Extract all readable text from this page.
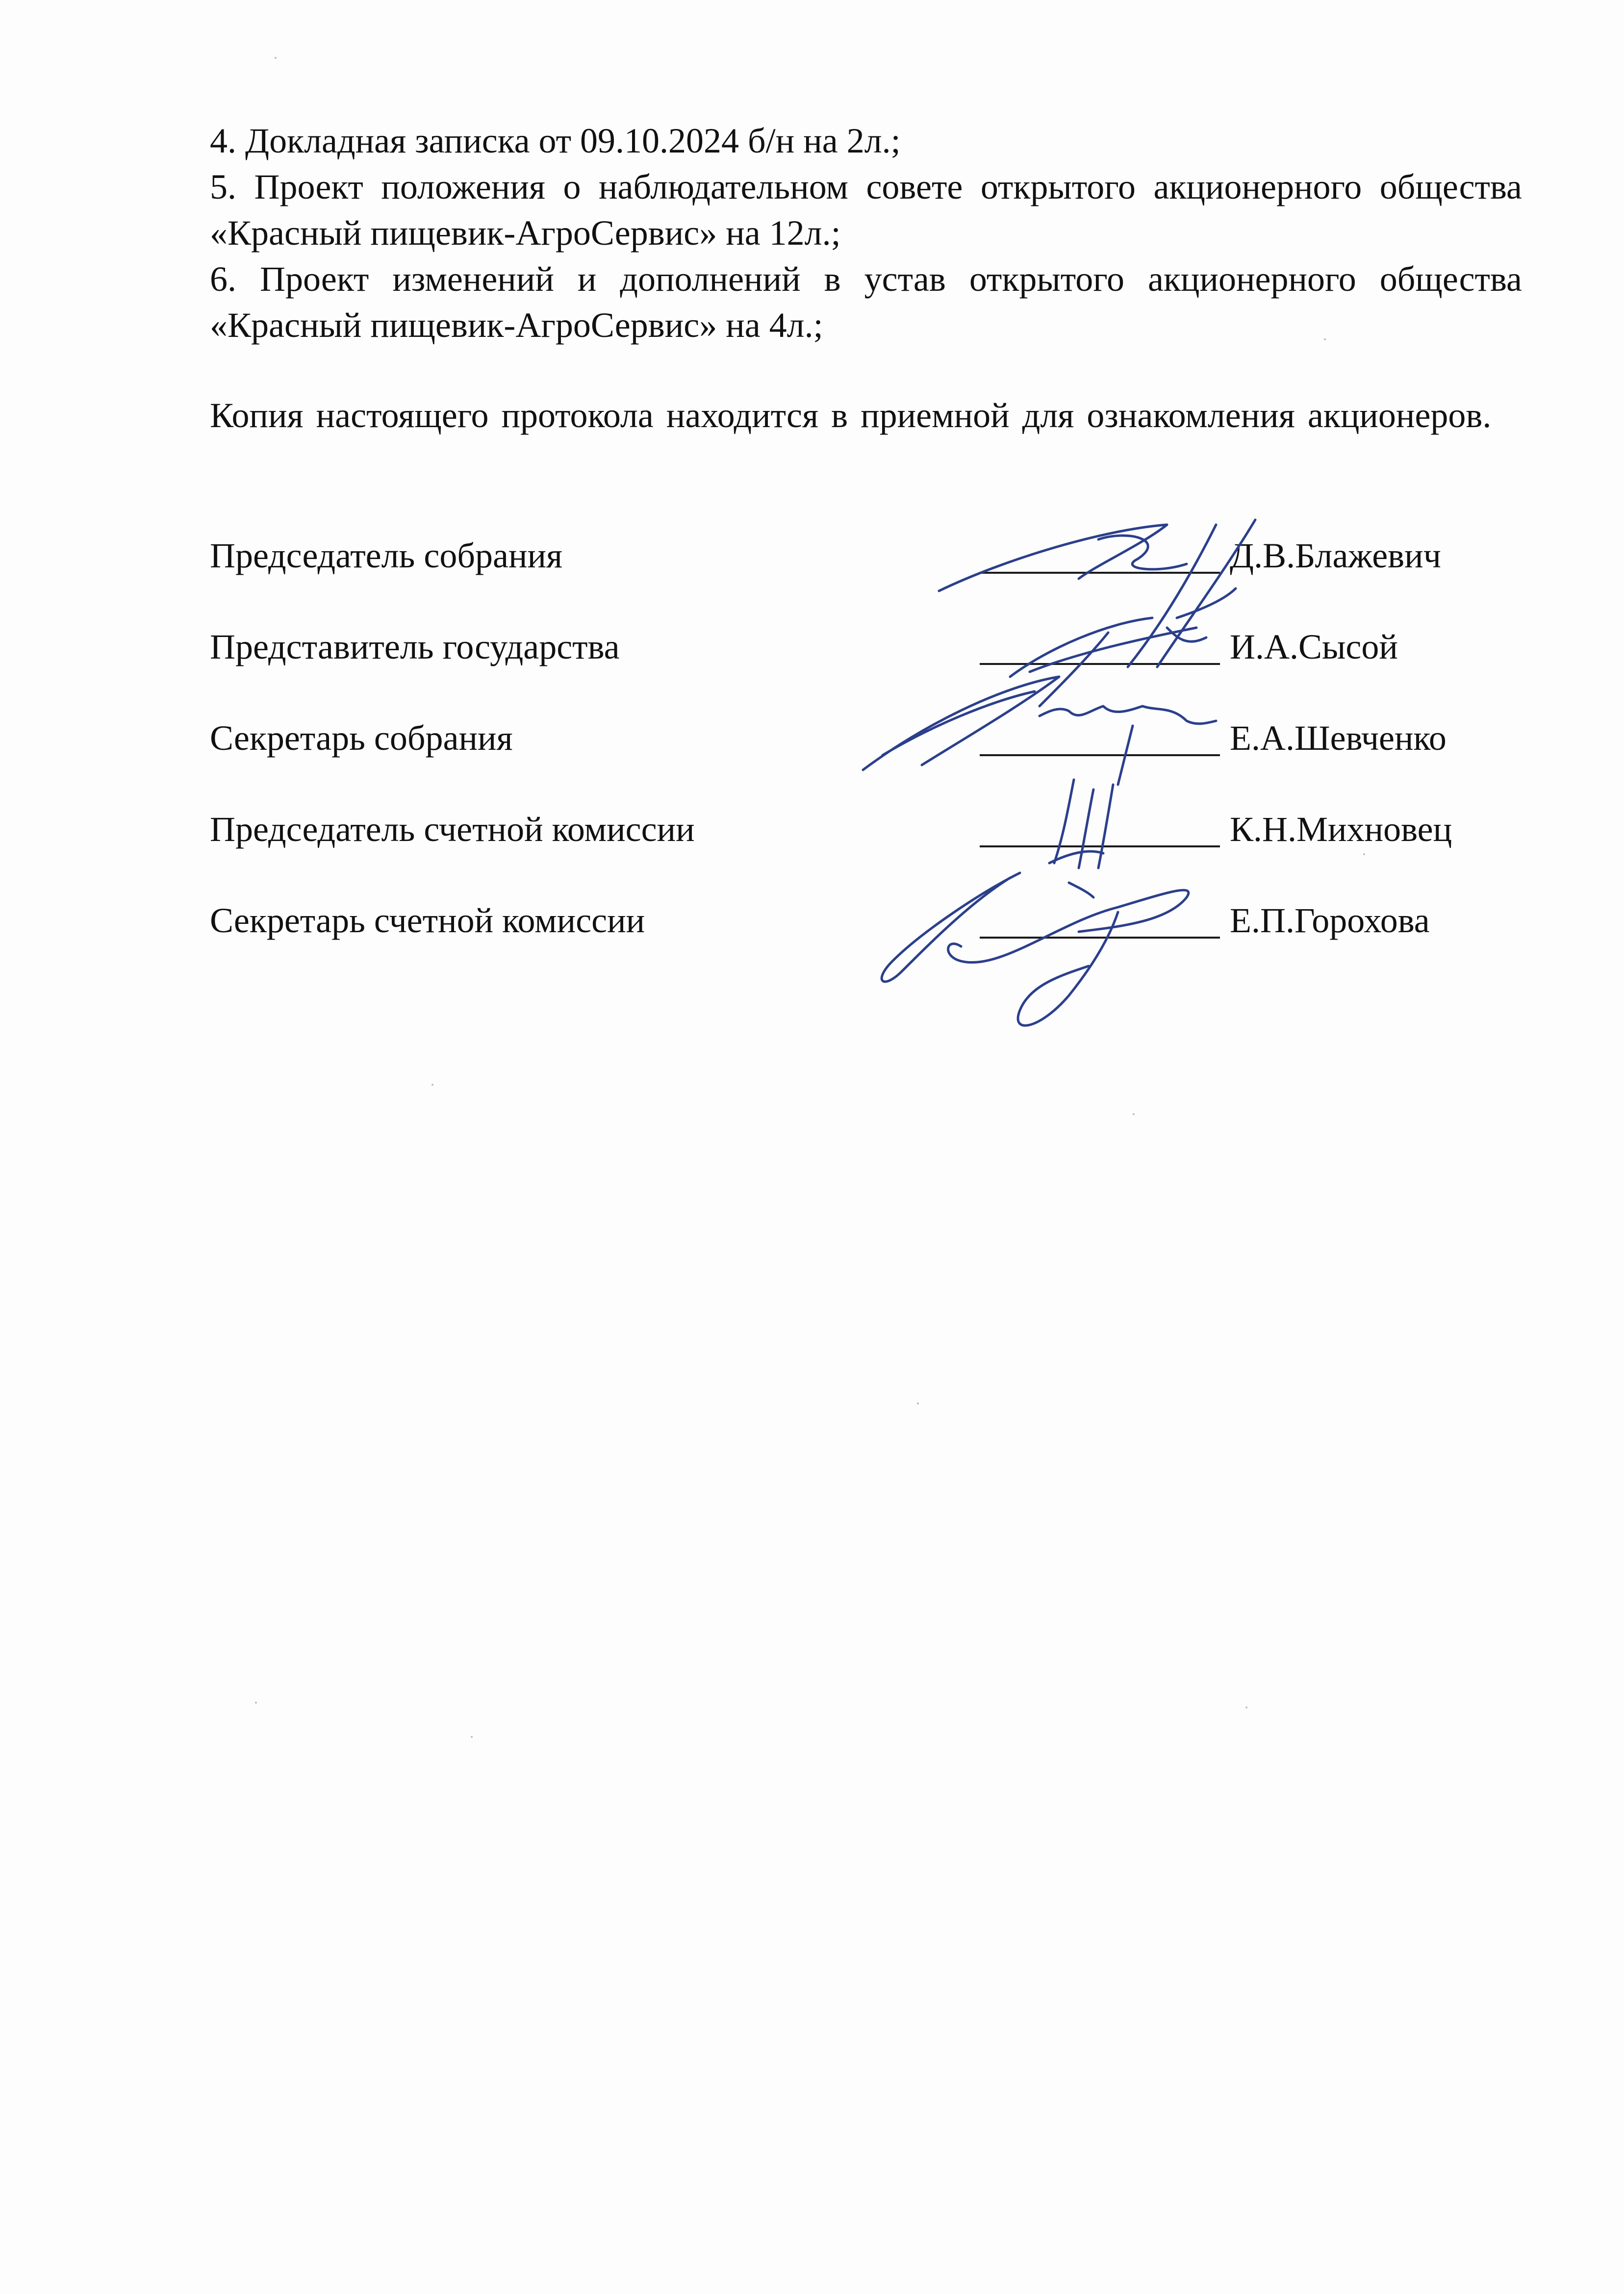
4. Докладная записка от 09.10.2024 б/н на 2л.;

5. Проект положения о наблюдательном совете открытого акционерного общества «Красный пищевик-АгроСервис» на 12л.;

6. Проект изменений и дополнений в устав открытого акционерного общества «Красный пищевик-АгроСервис» на 4л.;

Копия настоящего протокола находится в приемной для ознакомления акционеров.

Председатель собрания	Д.В.Блажевич
Представитель государства	И.А.Сысой
Секретарь собрания	Е.А.Шевченко
Председатель счетной комиссии	К.Н.Михновец
Секретарь счетной комиссии	Е.П.Горохова
